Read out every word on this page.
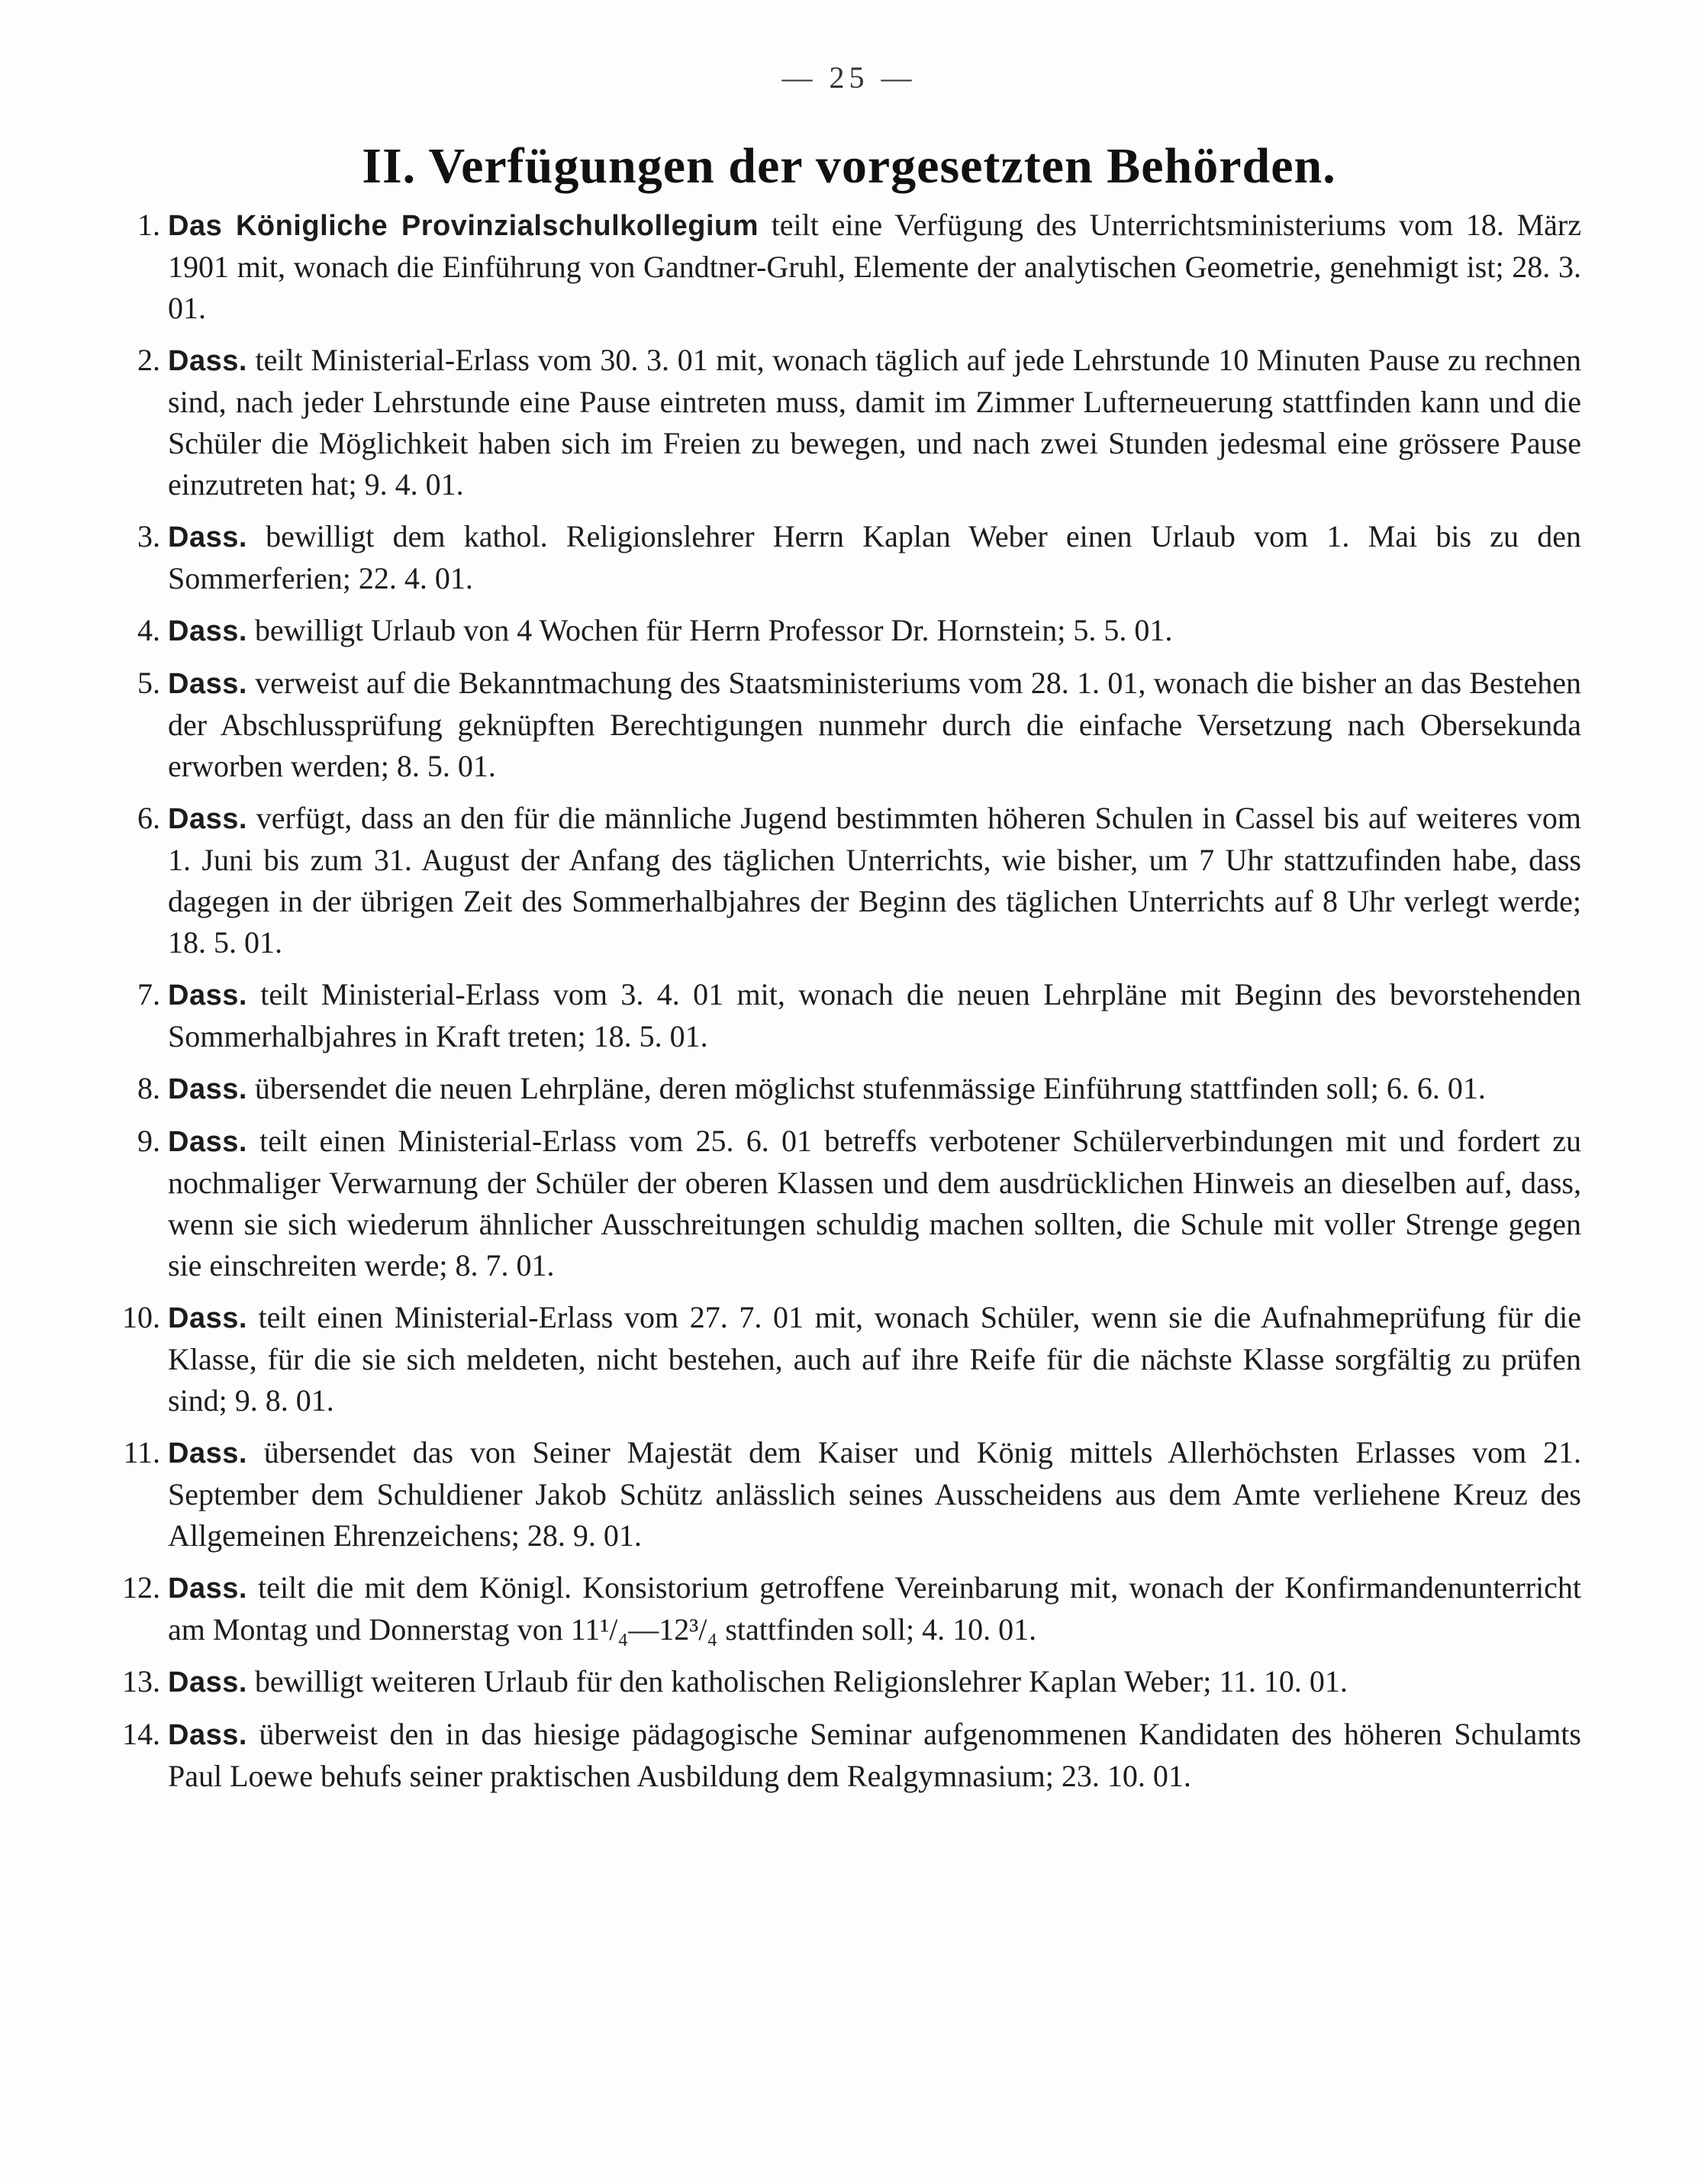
— 25 —
II. Verfügungen der vorgesetzten Behörden.
1. Das Königliche Provinzialschulkollegium teilt eine Verfügung des Unterrichtsministeriums vom 18. März 1901 mit, wonach die Einführung von Gandtner-Gruhl, Elemente der analytischen Geometrie, genehmigt ist; 28. 3. 01.
2. Dass. teilt Ministerial-Erlass vom 30. 3. 01 mit, wonach täglich auf jede Lehrstunde 10 Minuten Pause zu rechnen sind, nach jeder Lehrstunde eine Pause eintreten muss, damit im Zimmer Lufterneuerung stattfinden kann und die Schüler die Möglichkeit haben sich im Freien zu bewegen, und nach zwei Stunden jedesmal eine grössere Pause einzutreten hat; 9. 4. 01.
3. Dass. bewilligt dem kathol. Religionslehrer Herrn Kaplan Weber einen Urlaub vom 1. Mai bis zu den Sommerferien; 22. 4. 01.
4. Dass. bewilligt Urlaub von 4 Wochen für Herrn Professor Dr. Hornstein; 5. 5. 01.
5. Dass. verweist auf die Bekanntmachung des Staatsministeriums vom 28. 1. 01, wonach die bisher an das Bestehen der Abschlussprüfung geknüpften Berechtigungen nunmehr durch die einfache Versetzung nach Obersekunda erworben werden; 8. 5. 01.
6. Dass. verfügt, dass an den für die männliche Jugend bestimmten höheren Schulen in Cassel bis auf weiteres vom 1. Juni bis zum 31. August der Anfang des täglichen Unterrichts, wie bisher, um 7 Uhr stattzufinden habe, dass dagegen in der übrigen Zeit des Sommerhalbjahres der Beginn des täglichen Unterrichts auf 8 Uhr verlegt werde; 18. 5. 01.
7. Dass. teilt Ministerial-Erlass vom 3. 4. 01 mit, wonach die neuen Lehrpläne mit Beginn des bevorstehenden Sommerhalbjahres in Kraft treten; 18. 5. 01.
8. Dass. übersendet die neuen Lehrpläne, deren möglichst stufenmässige Einführung stattfinden soll; 6. 6. 01.
9. Dass. teilt einen Ministerial-Erlass vom 25. 6. 01 betreffs verbotener Schülerverbindungen mit und fordert zu nochmaliger Verwarnung der Schüler der oberen Klassen und dem ausdrücklichen Hinweis an dieselben auf, dass, wenn sie sich wiederum ähnlicher Ausschreitungen schuldig machen sollten, die Schule mit voller Strenge gegen sie einschreiten werde; 8. 7. 01.
10. Dass. teilt einen Ministerial-Erlass vom 27. 7. 01 mit, wonach Schüler, wenn sie die Aufnahmeprüfung für die Klasse, für die sie sich meldeten, nicht bestehen, auch auf ihre Reife für die nächste Klasse sorgfältig zu prüfen sind; 9. 8. 01.
11. Dass. übersendet das von Seiner Majestät dem Kaiser und König mittels Allerhöchsten Erlasses vom 21. September dem Schuldiener Jakob Schütz anlässlich seines Ausscheidens aus dem Amte verliehene Kreuz des Allgemeinen Ehrenzeichens; 28. 9. 01.
12. Dass. teilt die mit dem Königl. Konsistorium getroffene Vereinbarung mit, wonach der Konfirmandenunterricht am Montag und Donnerstag von 11¹/₄—12³/₄ stattfinden soll; 4. 10. 01.
13. Dass. bewilligt weiteren Urlaub für den katholischen Religionslehrer Kaplan Weber; 11. 10. 01.
14. Dass. überweist den in das hiesige pädagogische Seminar aufgenommenen Kandidaten des höheren Schulamts Paul Loewe behufs seiner praktischen Ausbildung dem Realgymnasium; 23. 10. 01.
